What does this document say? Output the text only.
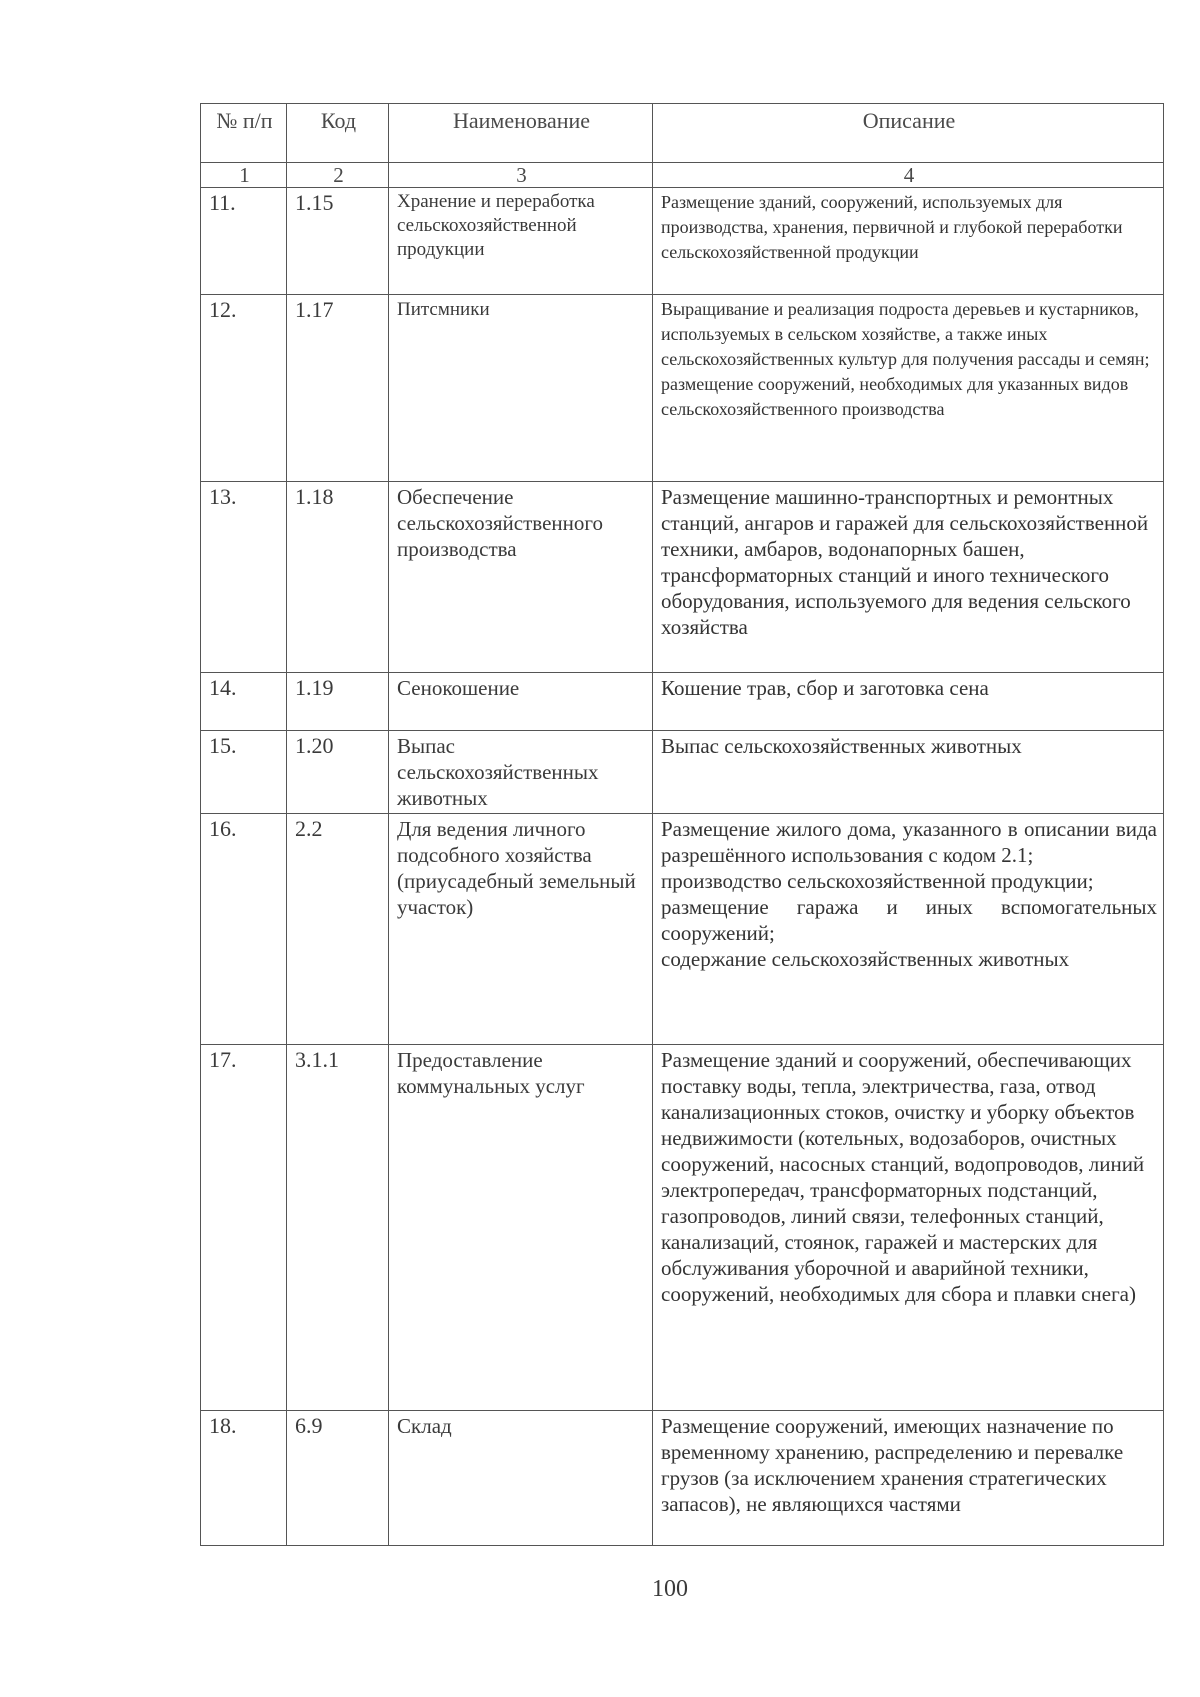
№ п/п	Код	Наименование	Описание
1	2	3	4
11.	1.15	Хранение и переработка сельскохозяйственной продукции	Размещение зданий, сооружений, используемых для производства, хранения, первичной и глубокой переработки сельскохозяйственной продукции

12.	1.17	Питсмники	Выращивание и реализация подроста деревьев и кустарников, используемых в сельском хозяйстве, а также иных сельскохозяйственных культур для получения рассады и семян;
размещение сооружений, необходимых для указанных видов сельскохозяйственного производства

13.	1.18	Обеспечение сельскохозяйственного производства	Размещение машинно-транспортных и ремонтных станций, ангаров и гаражей для сельскохозяйственной техники, амбаров, водонапорных башен, трансформаторных станций и иного технического оборудования, используемого для ведения сельского хозяйства

14.	1.19	Сенокошение	Кошение трав, сбор и заготовка сена

15.	1.20	Выпас сельскохозяйственных животных	Выпас сельскохозяйственных животных

16.	2.2	Для ведения личного подсобного хозяйства (приусадебный земельный участок)	Размещение жилого дома, указанного в описании вида разрешённого использования с кодом 2.1;
производство сельскохозяйственной продукции;
размещение гаража и иных вспомогательных сооружений;
содержание сельскохозяйственных животных

17.	3.1.1	Предоставление коммунальных услуг	Размещение зданий и сооружений, обеспечивающих поставку воды, тепла, электричества, газа, отвод канализационных стоков, очистку и уборку объектов недвижимости (котельных, водозаборов, очистных сооружений, насосных станций, водопроводов, линий электропередач, трансформаторных подстанций, газопроводов, линий связи, телефонных станций, канализаций, стоянок, гаражей и мастерских для обслуживания уборочной и аварийной техники, сооружений, необходимых для сбора и плавки снега)

18.	6.9	Склад	Размещение сооружений, имеющих назначение по временному хранению, распределению и перевалке грузов (за исключением хранения стратегических запасов), не являющихся частями
100
